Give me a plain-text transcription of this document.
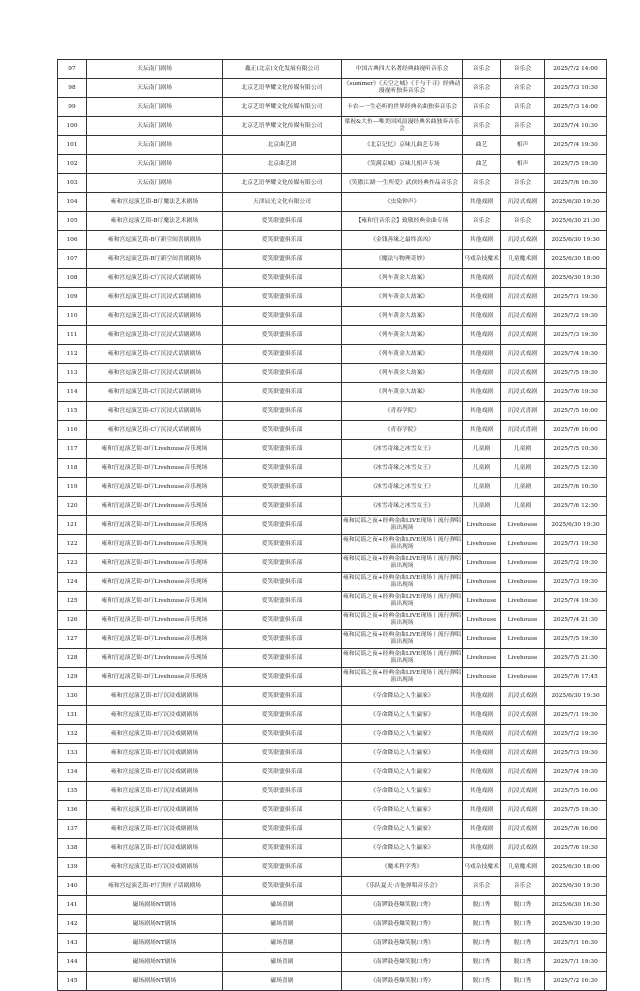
97	天坛南门剧场	鑫正(北京)文化发展有限公司	中国古典四大名著经典曲视听音乐会	音乐会	音乐会	2025/7/2 14:00
98	天坛南门剧场	北京艺语华耀文化传媒有限公司	《summer》《天空之城》《千与千寻》经典动漫视听独奏音乐会	音乐会	音乐会	2025/7/3 10:30
99	天坛南门剧场	北京艺语华耀文化传媒有限公司	卡农—一生必听的世界经典名曲独奏音乐会	音乐会	音乐会	2025/7/3 14:00
100	天坛南门剧场	北京艺语华耀文化传媒有限公司	梁祝&大鱼—唯美国风浪漫经典名曲独奏音乐会	音乐会	音乐会	2025/7/4 10:30
101	天坛南门剧场	北京曲艺团	《北京记忆》京味儿曲艺专场	曲艺	相声	2025/7/4 19:30
102	天坛南门剧场	北京曲艺团	《笑满京城》京味儿相声专场	曲艺	相声	2025/7/5 19:30
103	天坛南门剧场	北京艺语华耀文化传媒有限公司	《笑傲江湖·一生所爱》武侠经典作品音乐会	音乐会	音乐会	2025/7/6 16:30
104	雍和宫逗演艺街-B厅魔法艺术剧场	天津辰光文化有限公司	《虫染钟声》	其他戏剧	沉浸式戏剧	2025/6/30 19:30
105	雍和宫逗演艺街-B厅魔法艺术剧场	爱笑联盟俱乐部	【雍和宫音乐会】致敬经典金曲专场	音乐会	音乐会	2025/6/30 21:30
106	雍和宫逗演艺街-B厅新空间喜剧剧场	爱笑联盟俱乐部	《金钱善缘之最终真凶》	其他戏剧	沉浸式戏剧	2025/6/30 19:30
107	雍和宫逗演艺街-B厅新空间喜剧剧场	爱笑联盟俱乐部	《魔法与物理奇妙》	马戏杂技魔术	儿童魔术剧	2025/6/30 18:00
108	雍和宫逗演艺街-C厅沉浸式话剧剧场	爱笑联盟俱乐部	《列车黄金大劫案》	其他戏剧	沉浸式戏剧	2025/6/30 19:30
109	雍和宫逗演艺街-C厅沉浸式话剧剧场	爱笑联盟俱乐部	《列车黄金大劫案》	其他戏剧	沉浸式戏剧	2025/7/1 19:30
110	雍和宫逗演艺街-C厅沉浸式话剧剧场	爱笑联盟俱乐部	《列车黄金大劫案》	其他戏剧	沉浸式戏剧	2025/7/2 19:30
111	雍和宫逗演艺街-C厅沉浸式话剧剧场	爱笑联盟俱乐部	《列车黄金大劫案》	其他戏剧	沉浸式戏剧	2025/7/3 19:30
112	雍和宫逗演艺街-C厅沉浸式话剧剧场	爱笑联盟俱乐部	《列车黄金大劫案》	其他戏剧	沉浸式戏剧	2025/7/4 19:30
113	雍和宫逗演艺街-C厅沉浸式话剧剧场	爱笑联盟俱乐部	《列车黄金大劫案》	其他戏剧	沉浸式戏剧	2025/7/5 19:30
114	雍和宫逗演艺街-C厅沉浸式话剧剧场	爱笑联盟俱乐部	《列车黄金大劫案》	其他戏剧	沉浸式戏剧	2025/7/6 19:30
115	雍和宫逗演艺街-C厅沉浸式话剧剧场	爱笑联盟俱乐部	《青春学院》	其他戏剧	沉浸式喜剧	2025/7/5 16:00
116	雍和宫逗演艺街-C厅沉浸式话剧剧场	爱笑联盟俱乐部	《青春学院》	其他戏剧	沉浸式喜剧	2025/7/6 16:00
117	雍和宫逗演艺街-D厅Livehouse音乐现场	爱笑联盟俱乐部	《冰雪奇缘之冰雪女王》	儿童剧	儿童剧	2025/7/5 10:30
118	雍和宫逗演艺街-D厅Livehouse音乐现场	爱笑联盟俱乐部	《冰雪奇缘之冰雪女王》	儿童剧	儿童剧	2025/7/5 12:30
119	雍和宫逗演艺街-D厅Livehouse音乐现场	爱笑联盟俱乐部	《冰雪奇缘之冰雪女王》	儿童剧	儿童剧	2025/7/6 10:30
120	雍和宫逗演艺街-D厅Livehouse音乐现场	爱笑联盟俱乐部	《冰雪奇缘之冰雪女王》	儿童剧	儿童剧	2025/7/6 12:30
121	雍和宫逗演艺街-D厅Livehouse音乐现场	爱笑联盟俱乐部	雍和民谣之夜+经典金曲LIVE现场丨流行弹唱演出现场	Livehouse	Livehouse	2025/6/30 19:30
122	雍和宫逗演艺街-D厅Livehouse音乐现场	爱笑联盟俱乐部	雍和民谣之夜+经典金曲LIVE现场丨流行弹唱演出现场	Livehouse	Livehouse	2025/7/1 19:30
123	雍和宫逗演艺街-D厅Livehouse音乐现场	爱笑联盟俱乐部	雍和民谣之夜+经典金曲LIVE现场丨流行弹唱演出现场	Livehouse	Livehouse	2025/7/2 19:30
124	雍和宫逗演艺街-D厅Livehouse音乐现场	爱笑联盟俱乐部	雍和民谣之夜+经典金曲LIVE现场丨流行弹唱演出现场	Livehouse	Livehouse	2025/7/3 19:30
125	雍和宫逗演艺街-D厅Livehouse音乐现场	爱笑联盟俱乐部	雍和民谣之夜+经典金曲LIVE现场丨流行弹唱演出现场	Livehouse	Livehouse	2025/7/4 19:30
126	雍和宫逗演艺街-D厅Livehouse音乐现场	爱笑联盟俱乐部	雍和民谣之夜+经典金曲LIVE现场丨流行弹唱演出现场	Livehouse	Livehouse	2025/7/4 21:30
127	雍和宫逗演艺街-D厅Livehouse音乐现场	爱笑联盟俱乐部	雍和民谣之夜+经典金曲LIVE现场丨流行弹唱演出现场	Livehouse	Livehouse	2025/7/5 19:30
128	雍和宫逗演艺街-D厅Livehouse音乐现场	爱笑联盟俱乐部	雍和民谣之夜+经典金曲LIVE现场丨流行弹唱演出现场	Livehouse	Livehouse	2025/7/5 21:30
129	雍和宫逗演艺街-D厅Livehouse音乐现场	爱笑联盟俱乐部	雍和民谣之夜+经典金曲LIVE现场丨流行弹唱演出现场	Livehouse	Livehouse	2025/7/6 17:45
130	雍和宫逗演艺街-E厅沉浸戏剧剧场	爱笑联盟俱乐部	《夺命降局之人生赢家》	其他戏剧	沉浸式戏剧	2025/6/30 19:30
131	雍和宫逗演艺街-E厅沉浸戏剧剧场	爱笑联盟俱乐部	《夺命降局之人生赢家》	其他戏剧	沉浸式戏剧	2025/7/1 19:30
132	雍和宫逗演艺街-E厅沉浸戏剧剧场	爱笑联盟俱乐部	《夺命降局之人生赢家》	其他戏剧	沉浸式戏剧	2025/7/2 19:30
133	雍和宫逗演艺街-E厅沉浸戏剧剧场	爱笑联盟俱乐部	《夺命降局之人生赢家》	其他戏剧	沉浸式戏剧	2025/7/3 19:30
134	雍和宫逗演艺街-E厅沉浸戏剧剧场	爱笑联盟俱乐部	《夺命降局之人生赢家》	其他戏剧	沉浸式戏剧	2025/7/4 19:30
135	雍和宫逗演艺街-E厅沉浸戏剧剧场	爱笑联盟俱乐部	《夺命降局之人生赢家》	其他戏剧	沉浸式戏剧	2025/7/5 16:00
136	雍和宫逗演艺街-E厅沉浸戏剧剧场	爱笑联盟俱乐部	《夺命降局之人生赢家》	其他戏剧	沉浸式戏剧	2025/7/5 19:30
137	雍和宫逗演艺街-E厅沉浸戏剧剧场	爱笑联盟俱乐部	《夺命降局之人生赢家》	其他戏剧	沉浸式戏剧	2025/7/6 16:00
138	雍和宫逗演艺街-E厅沉浸戏剧剧场	爱笑联盟俱乐部	《夺命降局之人生赢家》	其他戏剧	沉浸式戏剧	2025/7/6 19:30
139	雍和宫逗演艺街-E厅沉浸戏剧剧场	爱笑联盟俱乐部	《魔术科学秀》	马戏杂技魔术	儿童魔术剧	2025/6/30 18:00
140	雍和宫逗演艺街-F厅黑匣子话剧剧场	爱笑联盟俱乐部	《乐队夏天·吉他弹唱音乐会》	音乐会	音乐会	2025/6/30 19:30
141	磁场剧场NT剧场	磁场喜剧	《南锣鼓巷爆笑脱口秀》	脱口秀	脱口秀	2025/6/30 16:30
142	磁场剧场NT剧场	磁场喜剧	《南锣鼓巷爆笑脱口秀》	脱口秀	脱口秀	2025/6/30 19:30
143	磁场剧场NT剧场	磁场喜剧	《南锣鼓巷爆笑脱口秀》	脱口秀	脱口秀	2025/7/1 16:30
144	磁场剧场NT剧场	磁场喜剧	《南锣鼓巷爆笑脱口秀》	脱口秀	脱口秀	2025/7/1 19:30
145	磁场剧场NT剧场	磁场喜剧	《南锣鼓巷爆笑脱口秀》	脱口秀	脱口秀	2025/7/2 16:30
